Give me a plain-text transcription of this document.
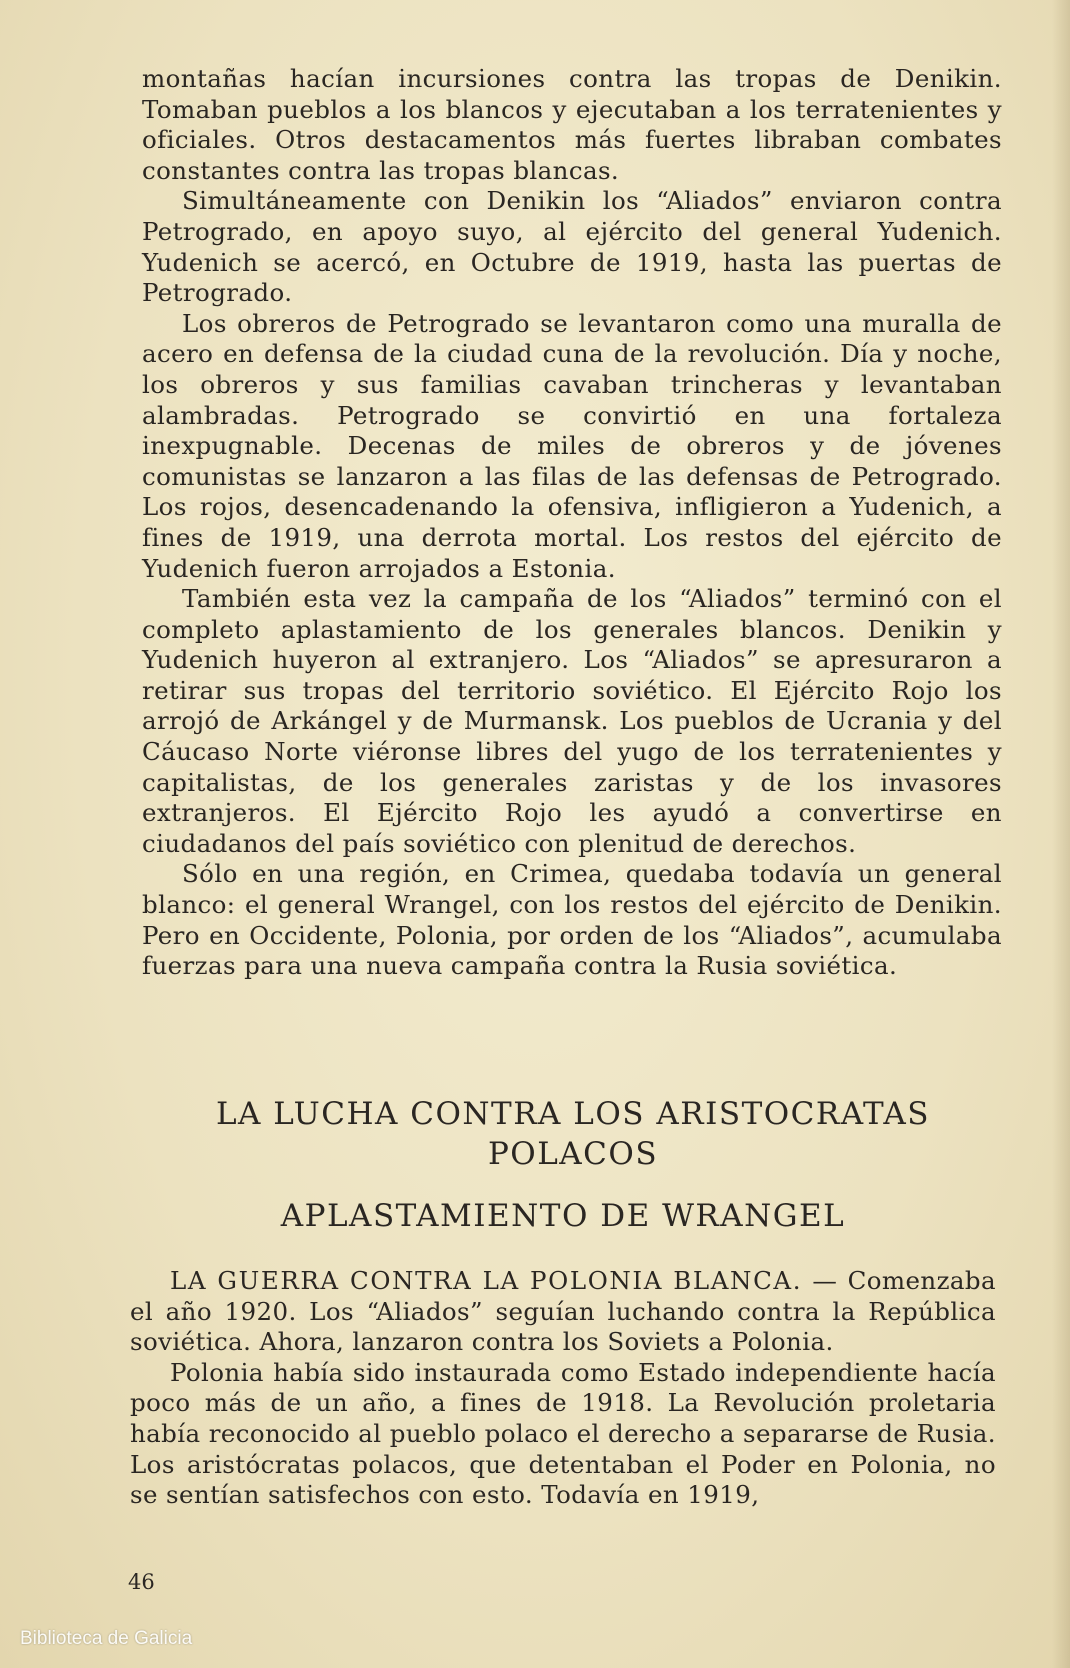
montañas hacían incursiones contra las tropas de Denikin. Tomaban pueblos a los blancos y ejecutaban a los terratenientes y oficiales. Otros destacamentos más fuertes libraban combates constantes contra las tropas blancas.

Simultáneamente con Denikin los “Aliados” enviaron contra Petrogrado, en apoyo suyo, al ejército del general Yudenich. Yudenich se acercó, en Octubre de 1919, hasta las puertas de Petrogrado.

Los obreros de Petrogrado se levantaron como una muralla de acero en defensa de la ciudad cuna de la revolución. Día y noche, los obreros y sus familias cavaban trincheras y levantaban alambradas. Petrogrado se convirtió en una fortaleza inexpugnable. Decenas de miles de obreros y de jóvenes comunistas se lanzaron a las filas de las defensas de Petrogrado. Los rojos, desencadenando la ofensiva, infligieron a Yudenich, a fines de 1919, una derrota mortal. Los restos del ejército de Yudenich fueron arrojados a Estonia.

También esta vez la campaña de los “Aliados” terminó con el completo aplastamiento de los generales blancos. Denikin y Yudenich huyeron al extranjero. Los “Aliados” se apresuraron a retirar sus tropas del territorio soviético. El Ejército Rojo los arrojó de Arkángel y de Murmansk. Los pueblos de Ucrania y del Cáucaso Norte viéronse libres del yugo de los terratenientes y capitalistas, de los generales zaristas y de los invasores extranjeros. El Ejército Rojo les ayudó a convertirse en ciudadanos del país soviético con plenitud de derechos.

Sólo en una región, en Crimea, quedaba todavía un general blanco: el general Wrangel, con los restos del ejército de Denikin. Pero en Occidente, Polonia, por orden de los “Aliados”, acumulaba fuerzas para una nueva campaña contra la Rusia soviética.

LA LUCHA CONTRA LOS ARISTOCRATAS
POLACOS
APLASTAMIENTO DE WRANGEL

LA GUERRA CONTRA LA POLONIA BLANCA. — Comenzaba el año 1920. Los “Aliados” seguían luchando contra la República soviética. Ahora, lanzaron contra los Soviets a Polonia.

Polonia había sido instaurada como Estado independiente hacía poco más de un año, a fines de 1918. La Revolución proletaria había reconocido al pueblo polaco el derecho a separarse de Rusia. Los aristócratas polacos, que detentaban el Poder en Polonia, no se sentían satisfechos con esto. Todavía en 1919,

46
Biblioteca de Galicia
